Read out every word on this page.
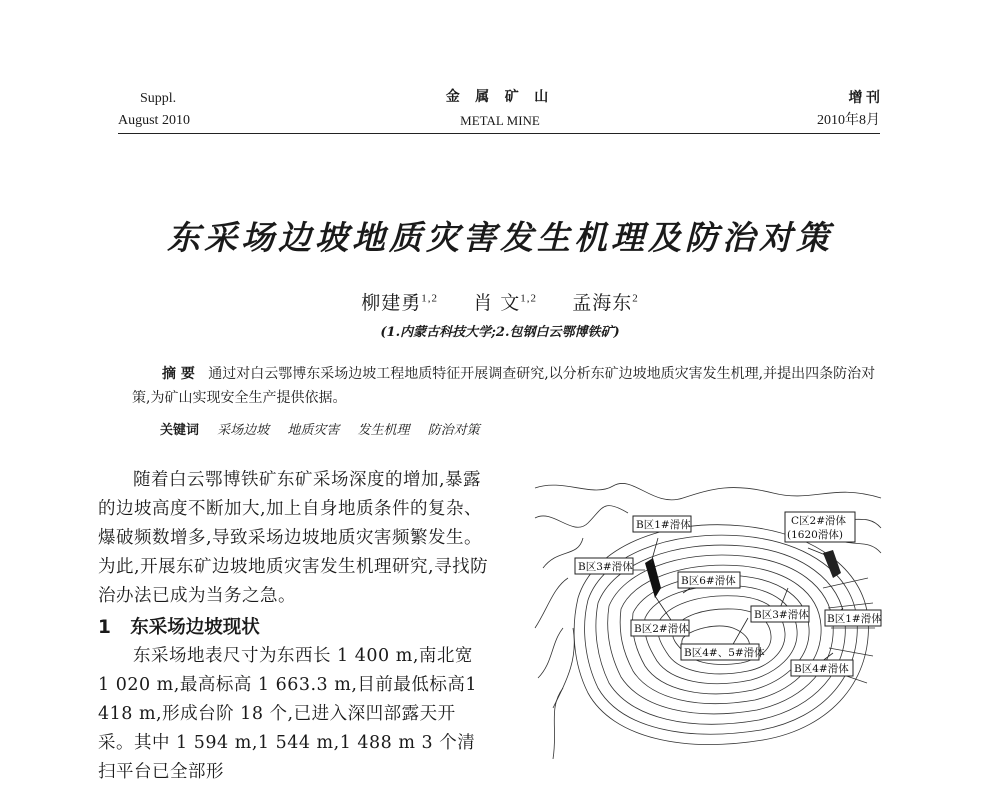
Suppl.
August 2010
金 属 矿 山
METAL MINE
增 刊
2010年8月
东采场边坡地质灾害发生机理及防治对策
柳建勇$^{1,2}$ 肖 文$^{1,2}$ 孟海东$^2$
(1.内蒙古科技大学;2.包钢白云鄂博铁矿)
摘 要 通过对白云鄂博东采场边坡工程地质特征开展调查研究,以分析东矿边坡地质灾害发生机理,并提出四条防治对策,为矿山实现安全生产提供依据。
关键词 采场边坡 地质灾害 发生机理 防治对策
随着白云鄂博铁矿东矿采场深度的增加,暴露的边坡高度不断加大,加上自身地质条件的复杂、爆破频数增多,导致采场边坡地质灾害频繁发生。为此,开展东矿边坡地质灾害发生机理研究,寻找防治办法已成为当务之急。
1 东采场边坡现状
东采场地表尺寸为东西长 1 400 m,南北宽 1 020 m,最高标高 1 663.3 m,目前最低标高1 418 m,形成台阶 18 个,已进入深凹部露天开采。其中 1 594 m,1 544 m,1 488 m 3 个清扫平台已全部形
B区1#滑体	C区2#滑体
(1620滑体)
B区3#滑体
B区6#滑体
B区2#滑体
B区3#滑体 B区1#滑体
B区4#、5#滑体
B区4#滑体
